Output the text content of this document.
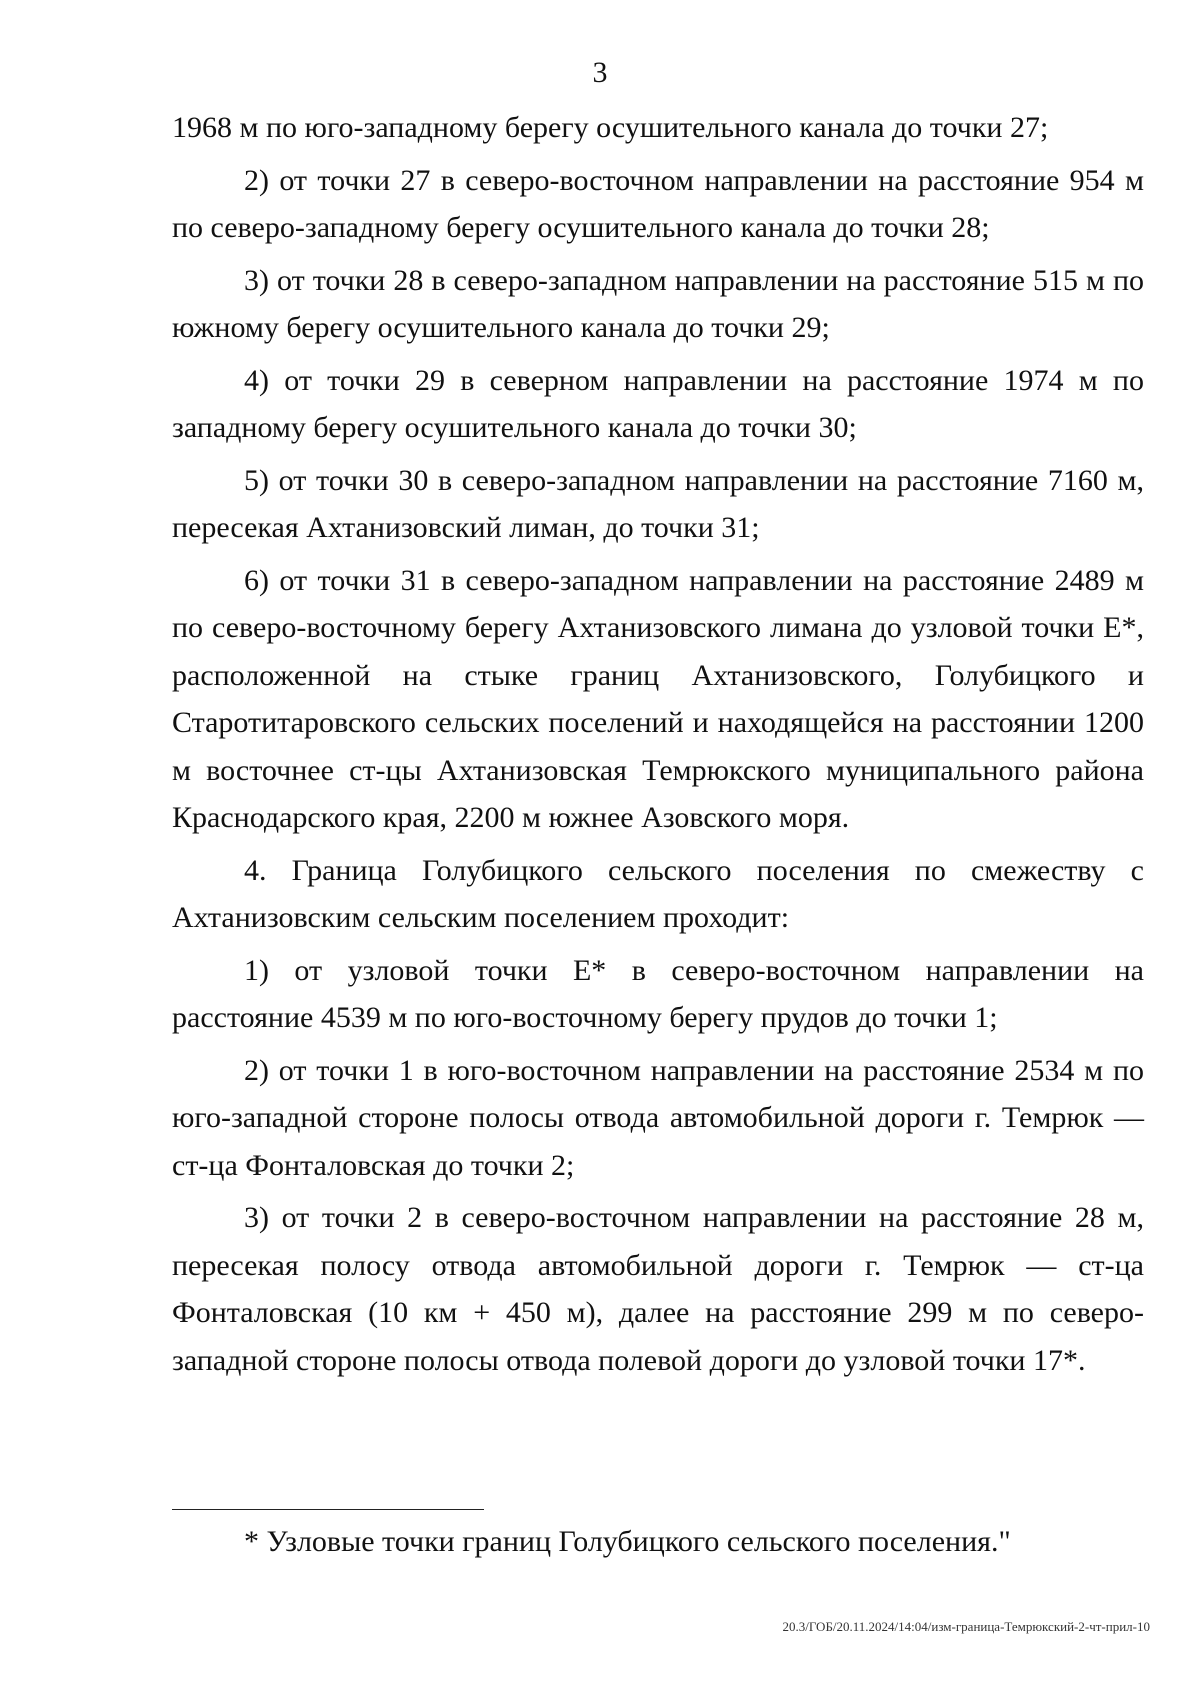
3

1968 м по юго-западному берегу осушительного канала до точки 27;

2) от точки 27 в северо-восточном направлении на расстояние 954 м по северо-западному берегу осушительного канала до точки 28;

3) от точки 28 в северо-западном направлении на расстояние 515 м по южному берегу осушительного канала до точки 29;

4) от точки 29 в северном направлении на расстояние 1974 м по западному берегу осушительного канала до точки 30;

5) от точки 30 в северо-западном направлении на расстояние 7160 м, пересекая Ахтанизовский лиман, до точки 31;

6) от точки 31 в северо-западном направлении на расстояние 2489 м по северо-восточному берегу Ахтанизовского лимана до узловой точки Е*, расположенной на стыке границ Ахтанизовского, Голубицкого и Старотитаровского сельских поселений и находящейся на расстоянии 1200 м восточнее ст-цы Ахтанизовская Темрюкского муниципального района Краснодарского края, 2200 м южнее Азовского моря.

4. Граница Голубицкого сельского поселения по смежеству с Ахтанизовским сельским поселением проходит:

1) от узловой точки Е* в северо-восточном направлении на расстояние 4539 м по юго-восточному берегу прудов до точки 1;

2) от точки 1 в юго-восточном направлении на расстояние 2534 м по юго-западной стороне полосы отвода автомобильной дороги г. Темрюк — ст-ца Фонталовская до точки 2;

3) от точки 2 в северо-восточном направлении на расстояние 28 м, пересекая полосу отвода автомобильной дороги г. Темрюк — ст-ца Фонталовская (10 км + 450 м), далее на расстояние 299 м по северо-западной стороне полосы отвода полевой дороги до узловой точки 17*.

* Узловые точки границ Голубицкого сельского поселения."
20.3/ГОБ/20.11.2024/14:04/изм-граница-Темрюкский-2-чт-прил-10
